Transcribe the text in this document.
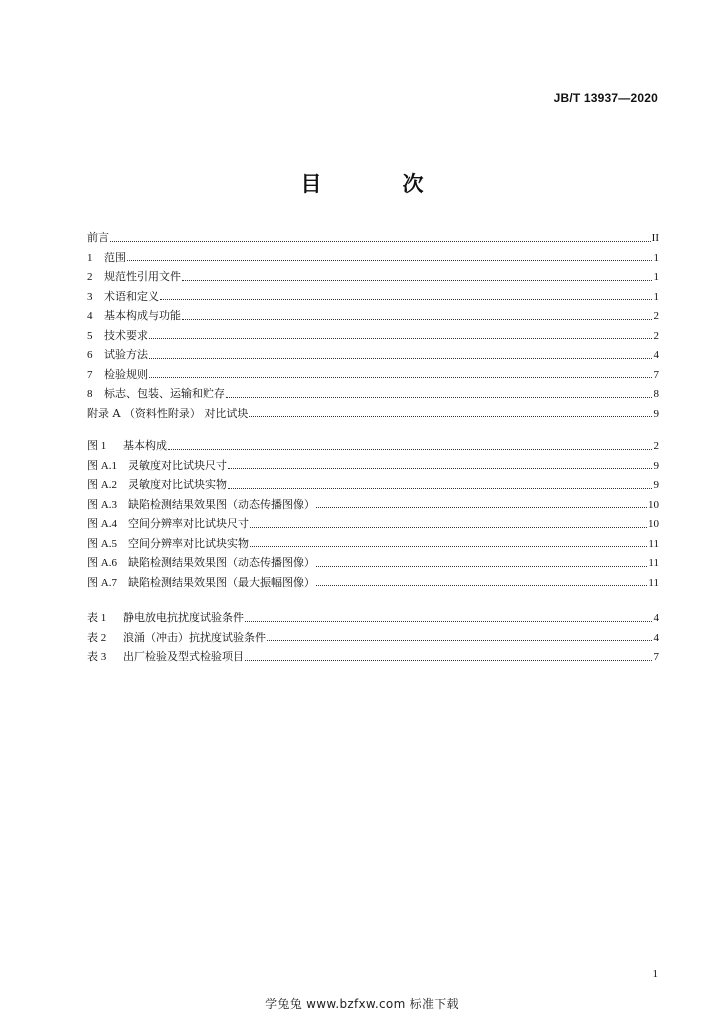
JB/T 13937—2020
目　次
前言	II
1	范围	1
2	规范性引用文件	1
3	术语和定义	1
4	基本构成与功能	2
5	技术要求	2
6	试验方法	4
7	检验规则	7
8	标志、包装、运输和贮存	8
附录 A （资料性附录） 对比试块	9
图 1	基本构成	2
图 A.1	灵敏度对比试块尺寸	9
图 A.2	灵敏度对比试块实物	9
图 A.3	缺陷检测结果效果图（动态传播图像）	10
图 A.4	空间分辨率对比试块尺寸	10
图 A.5	空间分辨率对比试块实物	11
图 A.6	缺陷检测结果效果图（动态传播图像）	11
图 A.7	缺陷检测结果效果图（最大振幅图像）	11
表 1	静电放电抗扰度试验条件	4
表 2	浪涌（冲击）抗扰度试验条件	4
表 3	出厂检验及型式检验项目	7
1
学兔兔 www.bzfxw.com 标准下载
